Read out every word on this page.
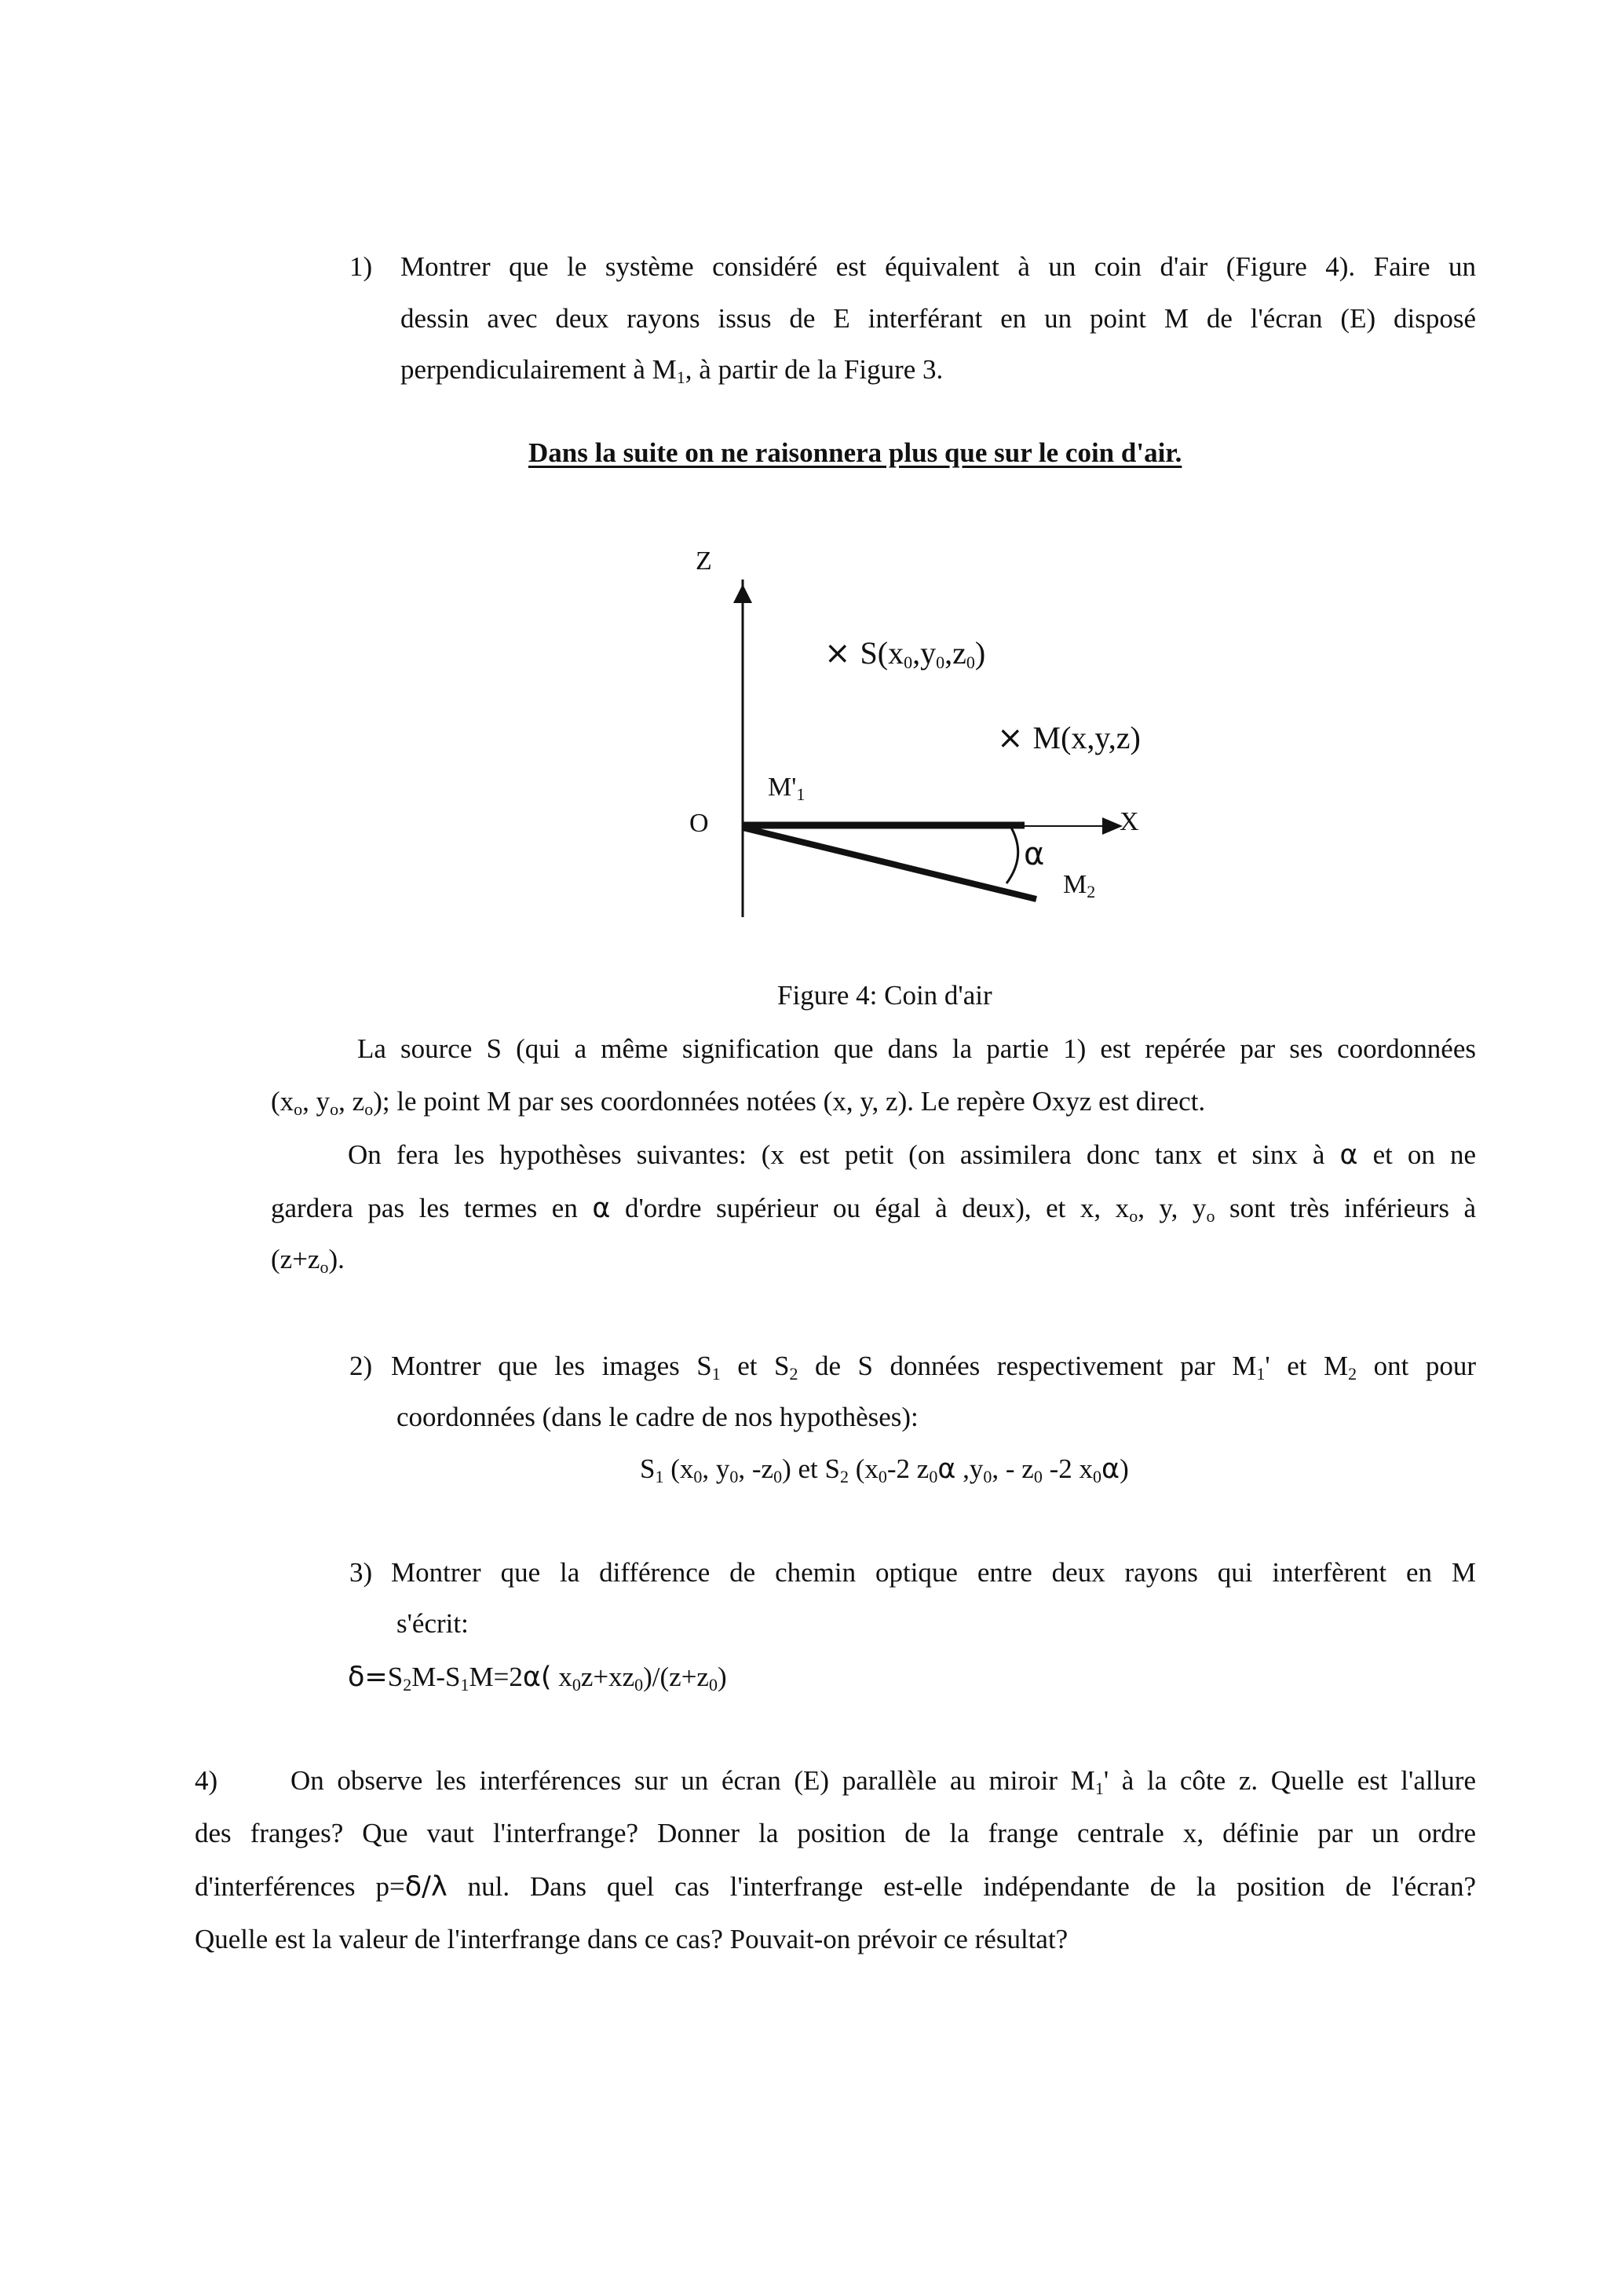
1) Montrer que le système considéré est équivalent à un coin d'air (Figure 4). Faire un
dessin avec deux rayons issus de E interférant en un point M de l'écran (E) disposé
perpendiculairement à $M_1$, à partir de la Figure 3.
Dans la suite on ne raisonnera plus que sur le coin d'air.
Z
X
O
× $S(x_0,y_0,z_0)$
× M(x,y,z)
$M'_1$
α
$M_2$
Figure 4: Coin d'air
La source S (qui a même signification que dans la partie 1) est repérée par ses coordonnées
($x_o$, $y_o$, $z_o$); le point M par ses coordonnées notées (x, y, z). Le repère Oxyz est direct.
On fera les hypothèses suivantes: (x est petit (on assimilera donc tanx et sinx à α et on ne
gardera pas les termes en α d'ordre supérieur ou égal à deux), et x, $x_o$, y, $y_o$ sont très inférieurs à
$(z+z_o)$.
2) Montrer que les images $S_1$ et $S_2$ de S données respectivement par $M_1'$ et $M_2$ ont pour
coordonnées (dans le cadre de nos hypothèses):
$S_1$ ($x_0$, $y_0$, $-z_0$) et $S_2$ ($x_0-2$ $z_0\alpha$ $,y_0$, - $z_0$ -2 $x_0\alpha$)
3) Montrer que la différence de chemin optique entre deux rayons qui interfèrent en M
s'écrit:
$\delta=S_2M-S_1M=2\alpha$( $x_0z+xz_0)/(z+z_0)$
4)	On observe les interférences sur un écran (E) parallèle au miroir $M_1'$ à la côte z. Quelle est l'allure
des franges? Que vaut l'interfrange? Donner la position de la frange centrale x, définie par un ordre
d'interférences p=δ/λ nul. Dans quel cas l'interfrange est-elle indépendante de la position de l'écran?
Quelle est la valeur de l'interfrange dans ce cas? Pouvait-on prévoir ce résultat?
